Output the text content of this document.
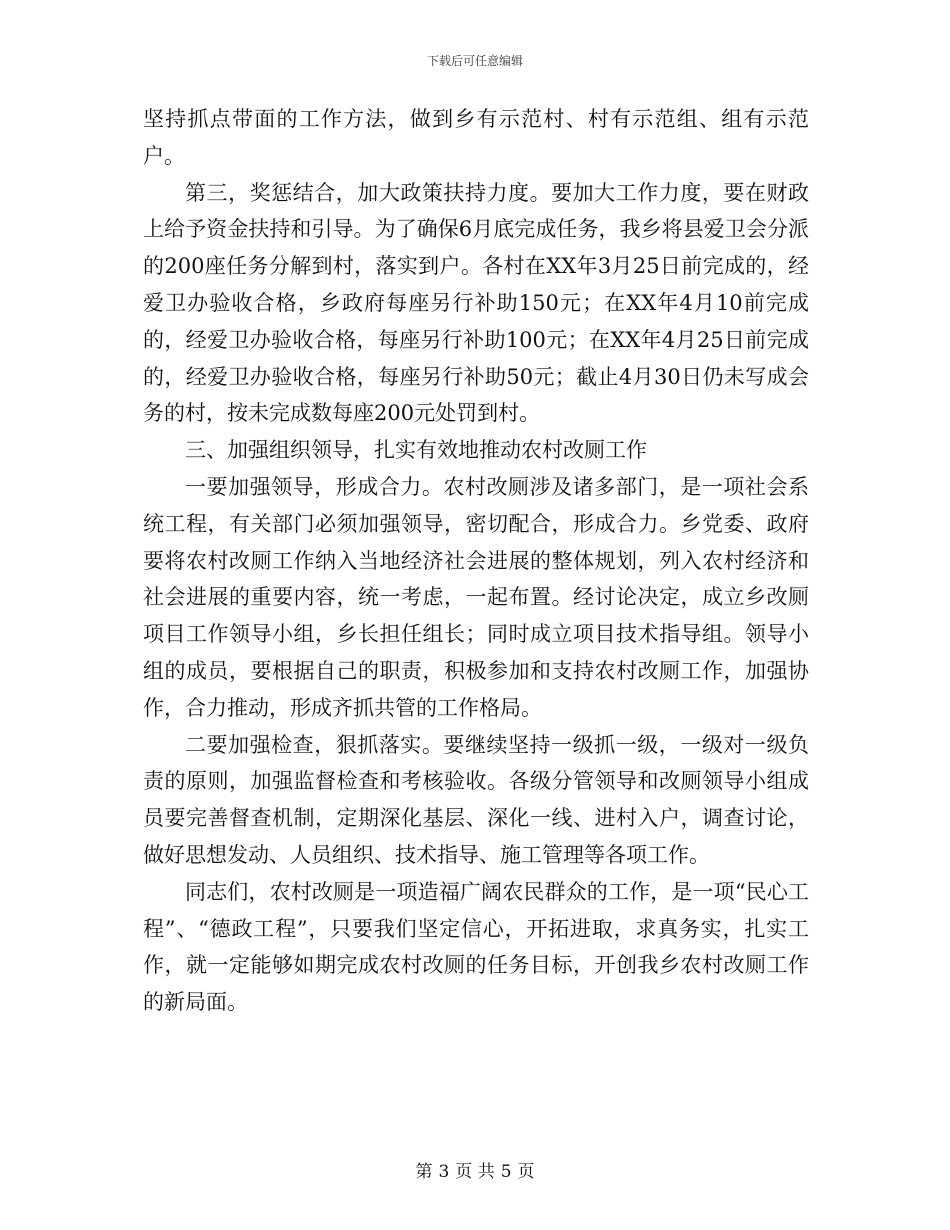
下载后可任意编辑

坚持抓点带面的工作方法，做到乡有示范村、村有示范组、组有示范户。

第三，奖惩结合，加大政策扶持力度。要加大工作力度，要在财政上给予资金扶持和引导。为了确保6月底完成任务，我乡将县爱卫会分派的200座任务分解到村，落实到户。各村在XX年3月25日前完成的，经爱卫办验收合格，乡政府每座另行补助150元；在XX年4月10前完成的，经爱卫办验收合格，每座另行补助100元；在XX年4月25日前完成的，经爱卫办验收合格，每座另行补助50元；截止4月30日仍未写成会务的村，按未完成数每座200元处罚到村。

三、加强组织领导，扎实有效地推动农村改厕工作

一要加强领导，形成合力。农村改厕涉及诸多部门，是一项社会系统工程，有关部门必须加强领导，密切配合，形成合力。乡党委、政府要将农村改厕工作纳入当地经济社会进展的整体规划，列入农村经济和社会进展的重要内容，统一考虑，一起布置。经讨论决定，成立乡改厕项目工作领导小组，乡长担任组长；同时成立项目技术指导组。领导小组的成员，要根据自己的职责，积极参加和支持农村改厕工作，加强协作，合力推动，形成齐抓共管的工作格局。

二要加强检查，狠抓落实。要继续坚持一级抓一级，一级对一级负责的原则，加强监督检查和考核验收。各级分管领导和改厕领导小组成员要完善督查机制，定期深化基层、深化一线、进村入户，调查讨论，做好思想发动、人员组织、技术指导、施工管理等各项工作。

同志们，农村改厕是一项造福广阔农民群众的工作，是一项“民心工程”、“德政工程”，只要我们坚定信心，开拓进取，求真务实，扎实工作，就一定能够如期完成农村改厕的任务目标，开创我乡农村改厕工作的新局面。

第 3 页 共 5 页
